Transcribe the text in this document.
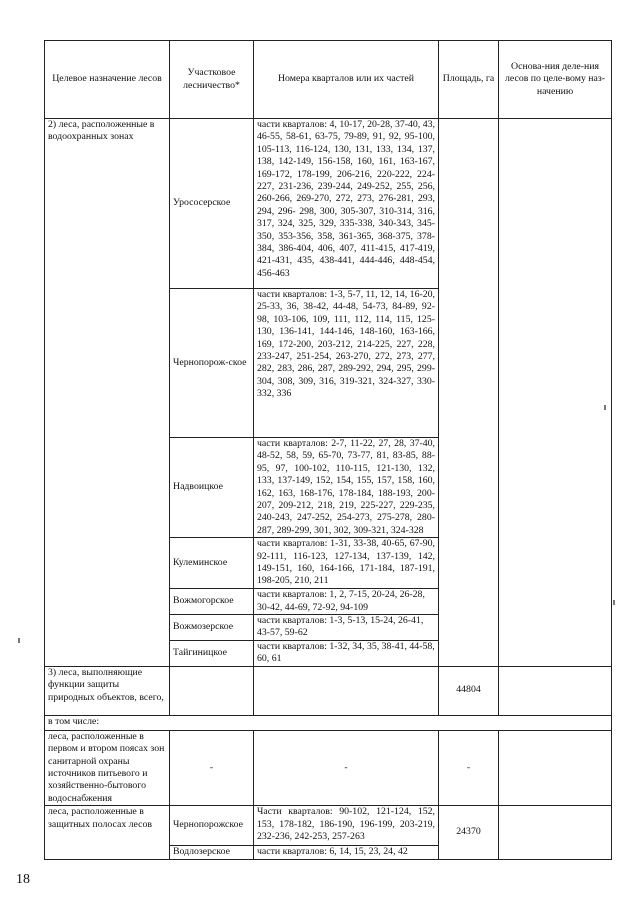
Целевое назначение лесов	Участковое лесничество*	Номера кварталов или их частей	Площадь, га	Основа-ния деле-ния лесов по целе-вому наз-начению
2) леса, расположенные в водоохранных зонах	Урососерское	части кварталов: 4, 10-17, 20-28, 37-40, 43, 46-55, 58-61, 63-75, 79-89, 91, 92, 95-100, 105-113, 116-124, 130, 131, 133, 134, 137, 138, 142-149, 156-158, 160, 161, 163-167, 169-172, 178-199, 206-216, 220-222, 224-227, 231-236, 239-244, 249-252, 255, 256, 260-266, 269-270, 272, 273, 276-281, 293, 294, 296- 298, 300, 305-307, 310-314, 316, 317, 324, 325, 329, 335-338, 340-343, 345-350, 353-356, 358, 361-365, 368-375, 378-384, 386-404, 406, 407, 411-415, 417-419, 421-431, 435, 438-441, 444-446, 448-454, 456-463		
	Чернопорож-ское	части кварталов: 1-3, 5-7, 11, 12, 14, 16-20, 25-33, 36, 38-42, 44-48, 54-73, 84-89, 92-98, 103-106, 109, 111, 112, 114, 115, 125-130, 136-141, 144-146, 148-160, 163-166, 169, 172-200, 203-212, 214-225, 227, 228, 233-247, 251-254, 263-270, 272, 273, 277, 282, 283, 286, 287, 289-292, 294, 295, 299-304, 308, 309, 316, 319-321, 324-327, 330-332, 336		
	Надвоицкое	части кварталов: 2-7, 11-22, 27, 28, 37-40, 48-52, 58, 59, 65-70, 73-77, 81, 83-85, 88-95, 97, 100-102, 110-115, 121-130, 132, 133, 137-149, 152, 154, 155, 157, 158, 160, 162, 163, 168-176, 178-184, 188-193, 200-207, 209-212, 218, 219, 225-227, 229-235, 240-243, 247-252, 254-273, 275-278, 280-287, 289-299, 301, 302, 309-321, 324-328		
	Кулеминское	части кварталов: 1-31, 33-38, 40-65, 67-90, 92-111, 116-123, 127-134, 137-139, 142, 149-151, 160, 164-166, 171-184, 187-191, 198-205, 210, 211		
	Вожмогорское	части кварталов: 1, 2, 7-15, 20-24, 26-28, 30-42, 44-69, 72-92, 94-109		
	Вожмозерское	части кварталов: 1-3, 5-13, 15-24, 26-41, 43-57, 59-62		
	Тайгиницкое	части кварталов: 1-32, 34, 35, 38-41, 44-58, 60, 61		
3) леса, выполняющие функции защиты природных объектов, всего,			44804	
в том числе:				
леса, расположенные в первом и втором поясах зон санитарной охраны источников питьевого и хозяйственно-бытового водоснабжения	-	-	-	
леса, расположенные в защитных полосах лесов	Чернопорожское	Части кварталов: 90-102, 121-124, 152, 153, 178-182, 186-190, 196-199, 203-219, 232-236, 242-253, 257-263	24370	
	Водлозерское	части кварталов: 6, 14, 15, 23, 24, 42		
18
